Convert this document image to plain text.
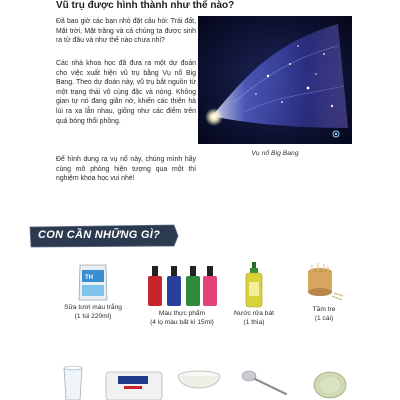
Vũ trụ được hình thành như thế nào?

Đã bao giờ các bạn nhỏ đặt câu hỏi: Trái đất, Mặt trời, Mặt trăng và cả chúng ta được sinh ra từ đâu và như thế nào chưa nhỉ?

Các nhà khoa học đã đưa ra một dự đoán cho việc xuất hiện vũ trụ bằng Vụ nổ Big Bang. Theo dự đoán này, vũ trụ bắt nguồn từ một trạng thái vô cùng đặc và nóng. Không gian tự nó đang giãn nở, khiến các thiên hà lùi ra xa lẫn nhau, giống như các điểm trên quả bóng thổi phồng.

Để hình dung ra vụ nổ này, chúng mình hãy cùng mô phỏng hiện tượng qua một thí nghiệm khoa học vui nhé!

Vụ nổ Big Bang
CON CẦN NHỮNG GÌ?
TH
Sữa tươi màu trắng
(1 túi 220ml)	Màu thực phẩm
(4 lọ màu bất kì 15ml)
Nước rửa bát
(1 thìa)
Tăm tre
(1 cái)
